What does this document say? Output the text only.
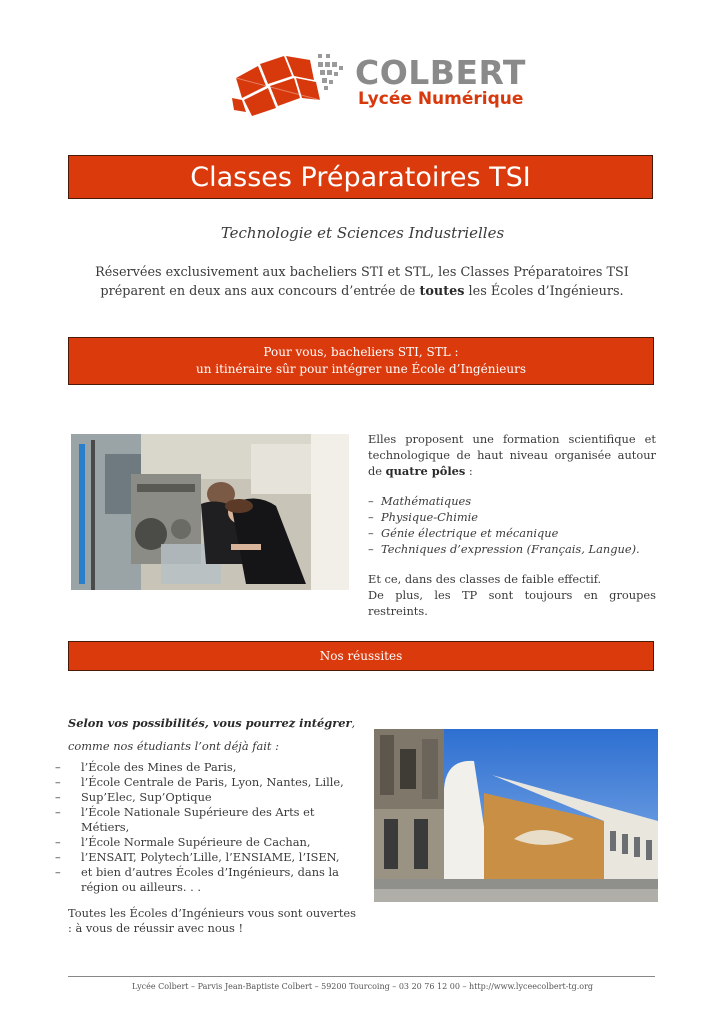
COLBERT
Lycée Numérique
Classes Préparatoires TSI
Technologie et Sciences Industrielles
Réservées exclusivement aux bacheliers STI et STL, les Classes Préparatoires TSI préparent en deux ans aux concours d’entrée de toutes les Écoles d’Ingénieurs.
Pour vous, bacheliers STI, STL :
un itinéraire sûr pour intégrer une École d’Ingénieurs
Elles proposent une formation scientifique et technologique de haut niveau organisée autour de quatre pôles :
– Mathématiques
– Physique-Chimie
– Génie électrique et mécanique
– Techniques d’expression (Français, Langue).
Et ce, dans des classes de faible effectif.
De plus, les TP sont toujours en groupes restreints.
Nos réussites
Selon vos possibilités, vous pourrez intégrer,
comme nos étudiants l’ont déjà fait :
– l’École des Mines de Paris,
– l’École Centrale de Paris, Lyon, Nantes, Lille,
– Sup’Elec, Sup’Optique
– l’École Nationale Supérieure des Arts et Métiers,
– l’École Normale Supérieure de Cachan,
– l’ENSAIT, Polytech’Lille, l’ENSIAME, l’ISEN,
– et bien d’autres Écoles d’Ingénieurs, dans la région ou ailleurs. . .
Toutes les Écoles d’Ingénieurs vous sont ouvertes : à vous de réussir avec nous !
Lycée Colbert – Parvis Jean-Baptiste Colbert – 59200 Tourcoing – 03 20 76 12 00 – http://www.lyceecolbert-tg.org
